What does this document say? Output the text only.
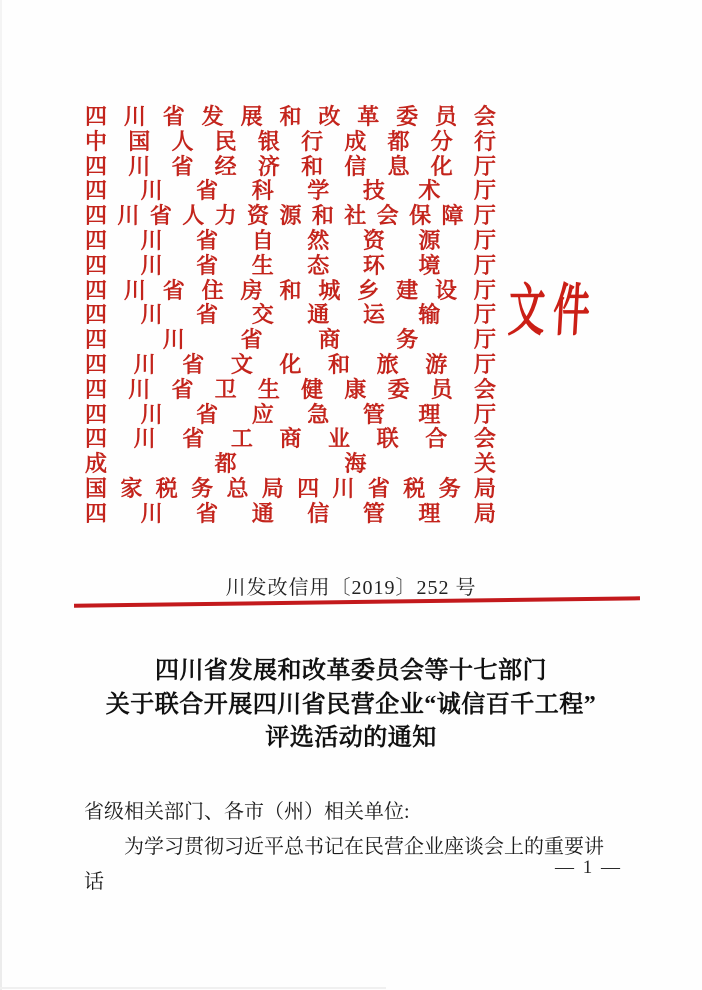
四 川 省 发 展 和 改 革 委 员 会
中 国 人 民 银 行 成 都 分 行
四 川 省 经 济 和 信 息 化 厅
四 川 省 科 学 技 术 厅
四 川 省 人 力 资 源 和 社 会 保 障 厅
四 川 省 自 然 资 源 厅
四 川 省 生 态 环 境 厅
四 川 省 住 房 和 城 乡 建 设 厅
四 川 省 交 通 运 输 厅
四	川	省	商	务	厅
四 川 省 文 化 和 旅 游 厅
四 川 省 卫 生 健 康 委 员 会
四 川 省 应 急 管 理 厅
四 川 省 工 商 业 联 合 会
成	都	海	关
国 家 税 务 总 局 四 川 省 税 务 局
四 川 省 通 信 管 理 局
文件
川发改信用〔2019〕252 号
四川省发展和改革委员会等十七部门
关于联合开展四川省民营企业“诚信百千工程”
评选活动的通知
省级相关部门、各市（州）相关单位:
为学习贯彻习近平总书记在民营企业座谈会上的重要讲话
— 1 —
